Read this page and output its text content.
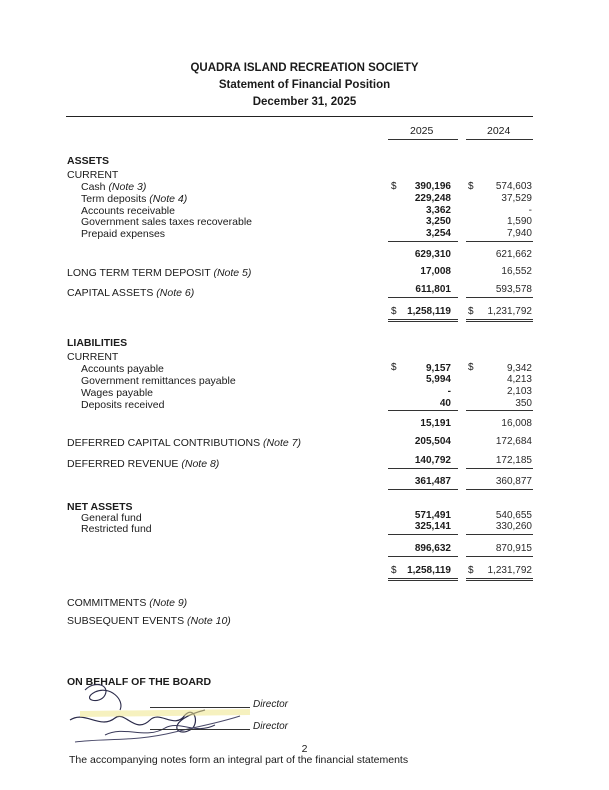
QUADRA ISLAND RECREATION SOCIETY
Statement of Financial Position
December 31, 2025
2025	2024
ASSETS
CURRENT
Cash (Note 3)	$ 390,196 $ 574,603
Term deposits (Note 4)	229,248	37,529
Accounts receivable	3,362	-
Government sales taxes recoverable	3,250	1,590
Prepaid expenses	3,254	7,940
629,310	621,662
LONG TERM TERM DEPOSIT (Note 5)	17,008	16,552
CAPITAL ASSETS (Note 6)	611,801	593,578
$ 1,258,119 $ 1,231,792
LIABILITIES
CURRENT
Accounts payable	$	9,157 $	9,342
Government remittances payable	5,994	4,213
Wages payable	-	2,103
Deposits received	40	350
15,191	16,008
DEFERRED CAPITAL CONTRIBUTIONS (Note 7)	205,504	172,684
DEFERRED REVENUE (Note 8)	140,792	172,185
361,487	360,877
NET ASSETS
General fund	571,491	540,655
Restricted fund	325,141	330,260
896,632	870,915
$ 1,258,119 $ 1,231,792
COMMITMENTS (Note 9)
SUBSEQUENT EVENTS (Note 10)
ON BEHALF OF THE BOARD
Director
Director
2
The accompanying notes form an integral part of the financial statements
